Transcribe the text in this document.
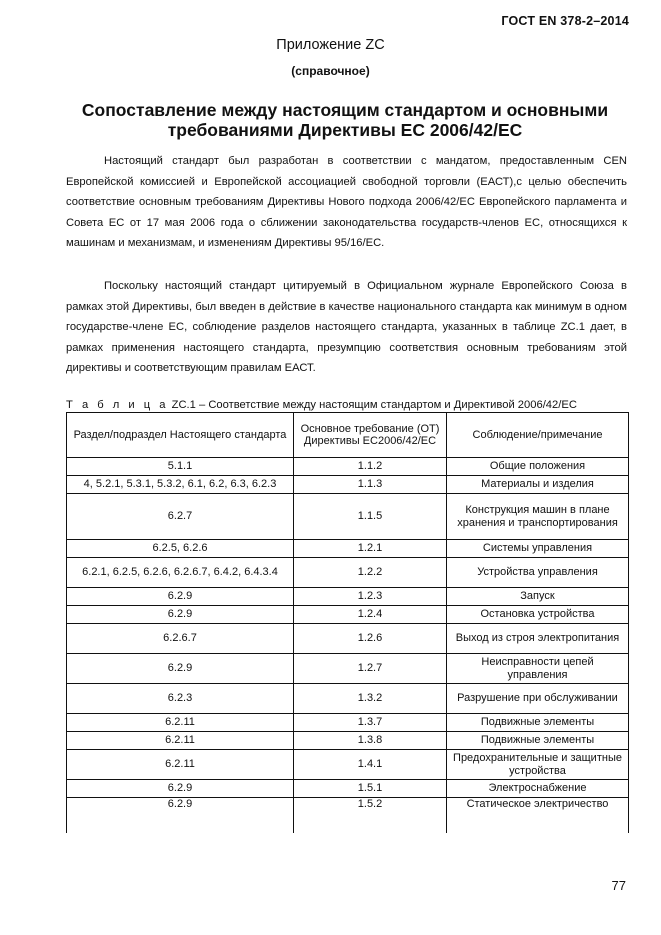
ГОСТ EN 378-2–2014
Приложение ZC
(справочное)
Сопоставление между настоящим стандартом и основными требованиями Директивы ЕС 2006/42/ЕС

Настоящий стандарт был разработан в соответствии с мандатом, предоставленным CEN Европейской комиссией и Европейской ассоциацией свободной торговли (ЕАСТ),с целью обеспечить соответствие основным требованиям Директивы Нового подхода 2006/42/ЕС Европейского парламента и Совета ЕС от 17 мая 2006 года о сближении законодательства государств-членов ЕС, относящихся к машинам и механизмам, и изменениям Директивы 95/16/ЕС.

Поскольку настоящий стандарт цитируемый в Официальном журнале Европейского Союза в рамках этой Директивы, был введен в действие в качестве национального стандарта как минимум в одном государстве-члене ЕС, соблюдение разделов настоящего стандарта, указанных в таблице ZC.1 дает, в рамках применения настоящего стандарта, презумпцию соответствия основным требованиям этой директивы и соответствующим правилам ЕАСТ.

Т а б л и ц а ZC.1 – Соответствие между настоящим стандартом и Директивой 2006/42/ЕС
Раздел/подраздел Настоящего стандарта	Основное требование (ОТ) Директивы ЕС2006/42/ЕС	Соблюдение/примечание
5.1.1	1.1.2	Общие положения
4, 5.2.1, 5.3.1, 5.3.2, 6.1, 6.2, 6.3, 6.2.3	1.1.3	Материалы и изделия
6.2.7	1.1.5	Конструкция машин в плане хранения и транспортирования
6.2.5, 6.2.6	1.2.1	Системы управления
6.2.1, 6.2.5, 6.2.6, 6.2.6.7, 6.4.2, 6.4.3.4	1.2.2	Устройства управления
6.2.9	1.2.3	Запуск
6.2.9	1.2.4	Остановка устройства
6.2.6.7	1.2.6	Выход из строя электропитания
6.2.9	1.2.7	Неисправности цепей управления
6.2.3	1.3.2	Разрушение при обслуживании
6.2.11	1.3.7	Подвижные элементы
6.2.11	1.3.8	Подвижные элементы
6.2.11	1.4.1	Предохранительные и защитные устройства
6.2.9	1.5.1	Электроснабжение
6.2.9	1.5.2	Статическое электричество
77
